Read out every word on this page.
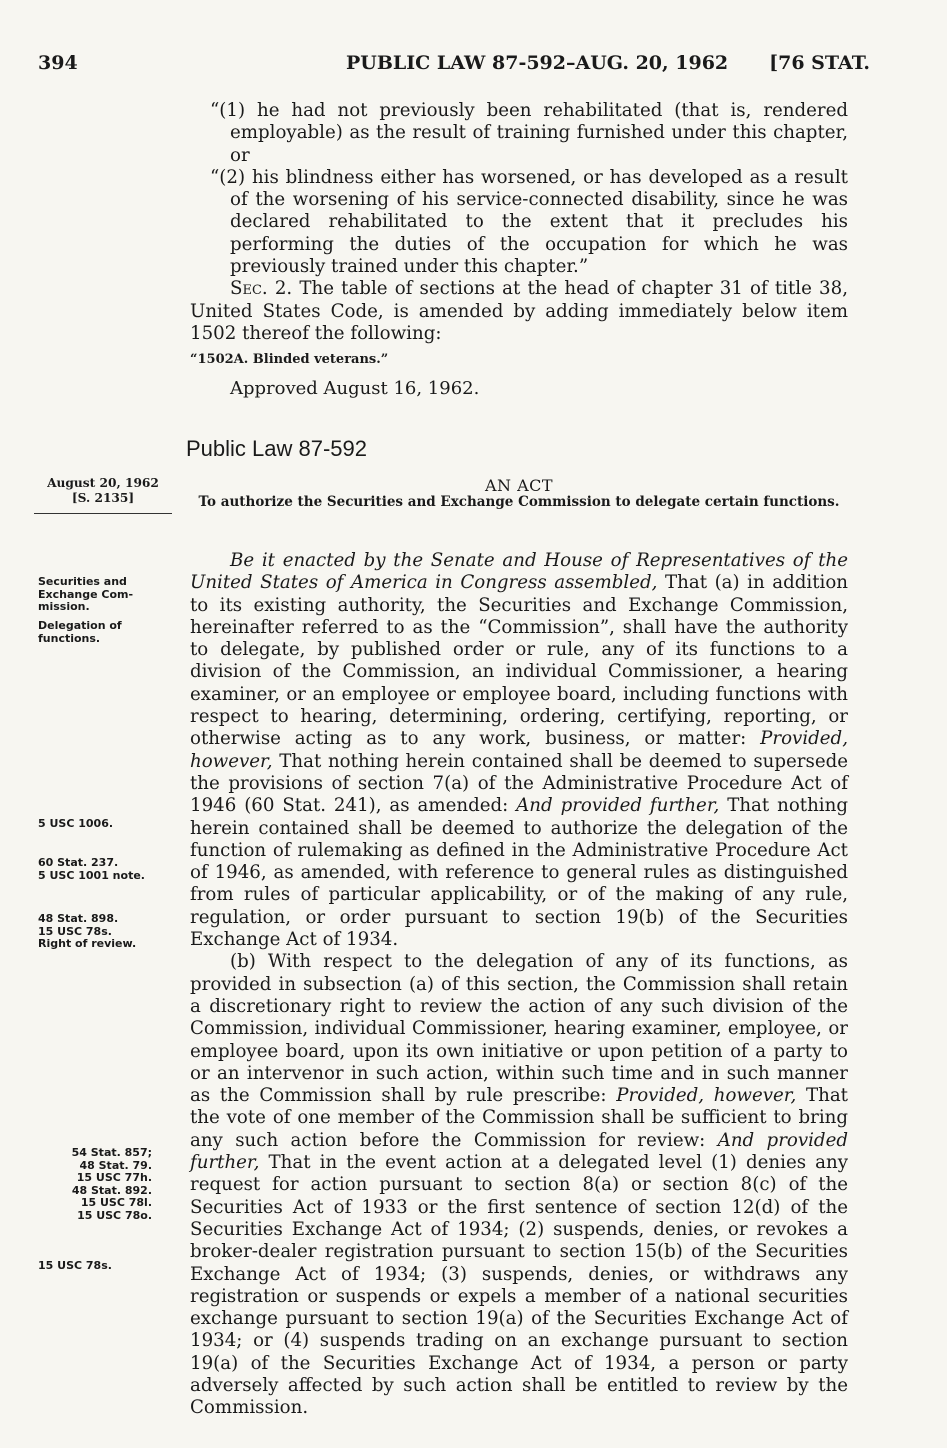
394	PUBLIC LAW 87-592–AUG. 20, 1962 [76 STAT.

“(1) he had not previously been rehabilitated (that is, rendered employable) as the result of training furnished under this chapter, or

“(2) his blindness either has worsened, or has developed as a result of the worsening of his service-connected disability, since he was declared rehabilitated to the extent that it precludes his performing the duties of the occupation for which he was previously trained under this chapter.”

Sec. 2. The table of sections at the head of chapter 31 of title 38, United States Code, is amended by adding immediately below item 1502 thereof the following:

“1502A. Blinded veterans.”

Approved August 16, 1962.

Public Law 87-592
August 20, 1962
[S. 2135]
AN ACT
To authorize the Securities and Exchange Commission to delegate certain functions.

Be it enacted by the Senate and House of Representatives of the United States of America in Congress assembled, That (a) in addition to its existing authority, the Securities and Exchange Commission, hereinafter referred to as the “Commission”, shall have the authority to delegate, by published order or rule, any of its functions to a division of the Commission, an individual Commissioner, a hearing examiner, or an employee or employee board, including functions with respect to hearing, determining, ordering, certifying, reporting, or otherwise acting as to any work, business, or matter: Provided, however, That nothing herein contained shall be deemed to supersede the provisions of section 7(a) of the Administrative Procedure Act of 1946 (60 Stat. 241), as amended: And provided further, That nothing herein contained shall be deemed to authorize the delegation of the function of rulemaking as defined in the Administrative Procedure Act of 1946, as amended, with reference to general rules as distinguished from rules of particular applicability, or of the making of any rule, regulation, or order pursuant to section 19(b) of the Securities Exchange Act of 1934.

(b) With respect to the delegation of any of its functions, as provided in subsection (a) of this section, the Commission shall retain a discretionary right to review the action of any such division of the Commission, individual Commissioner, hearing examiner, employee, or employee board, upon its own initiative or upon petition of a party to or an intervenor in such action, within such time and in such manner as the Commission shall by rule prescribe: Provided, however, That the vote of one member of the Commission shall be sufficient to bring any such action before the Commission for review: And provided further, That in the event action at a delegated level (1) denies any request for action pursuant to section 8(a) or section 8(c) of the Securities Act of 1933 or the first sentence of section 12(d) of the Securities Exchange Act of 1934; (2) suspends, denies, or revokes a broker-dealer registration pursuant to section 15(b) of the Securities Exchange Act of 1934; (3) suspends, denies, or withdraws any registration or suspends or expels a member of a national securities exchange pursuant to section 19(a) of the Securities Exchange Act of 1934; or (4) suspends trading on an exchange pursuant to section 19(a) of the Securities Exchange Act of 1934, a person or party adversely affected by such action shall be entitled to review by the Commission.

Securities and
Exchange Com-
mission.
Delegation of
functions.
5 USC 1006.
60 Stat. 237.
5 USC 1001 note.
48 Stat. 898.
15 USC 78s.
Right of review.
54 Stat. 857;
48 Stat. 79.
15 USC 77h.
48 Stat. 892.
15 USC 78l.
15 USC 78o.
15 USC 78s.
